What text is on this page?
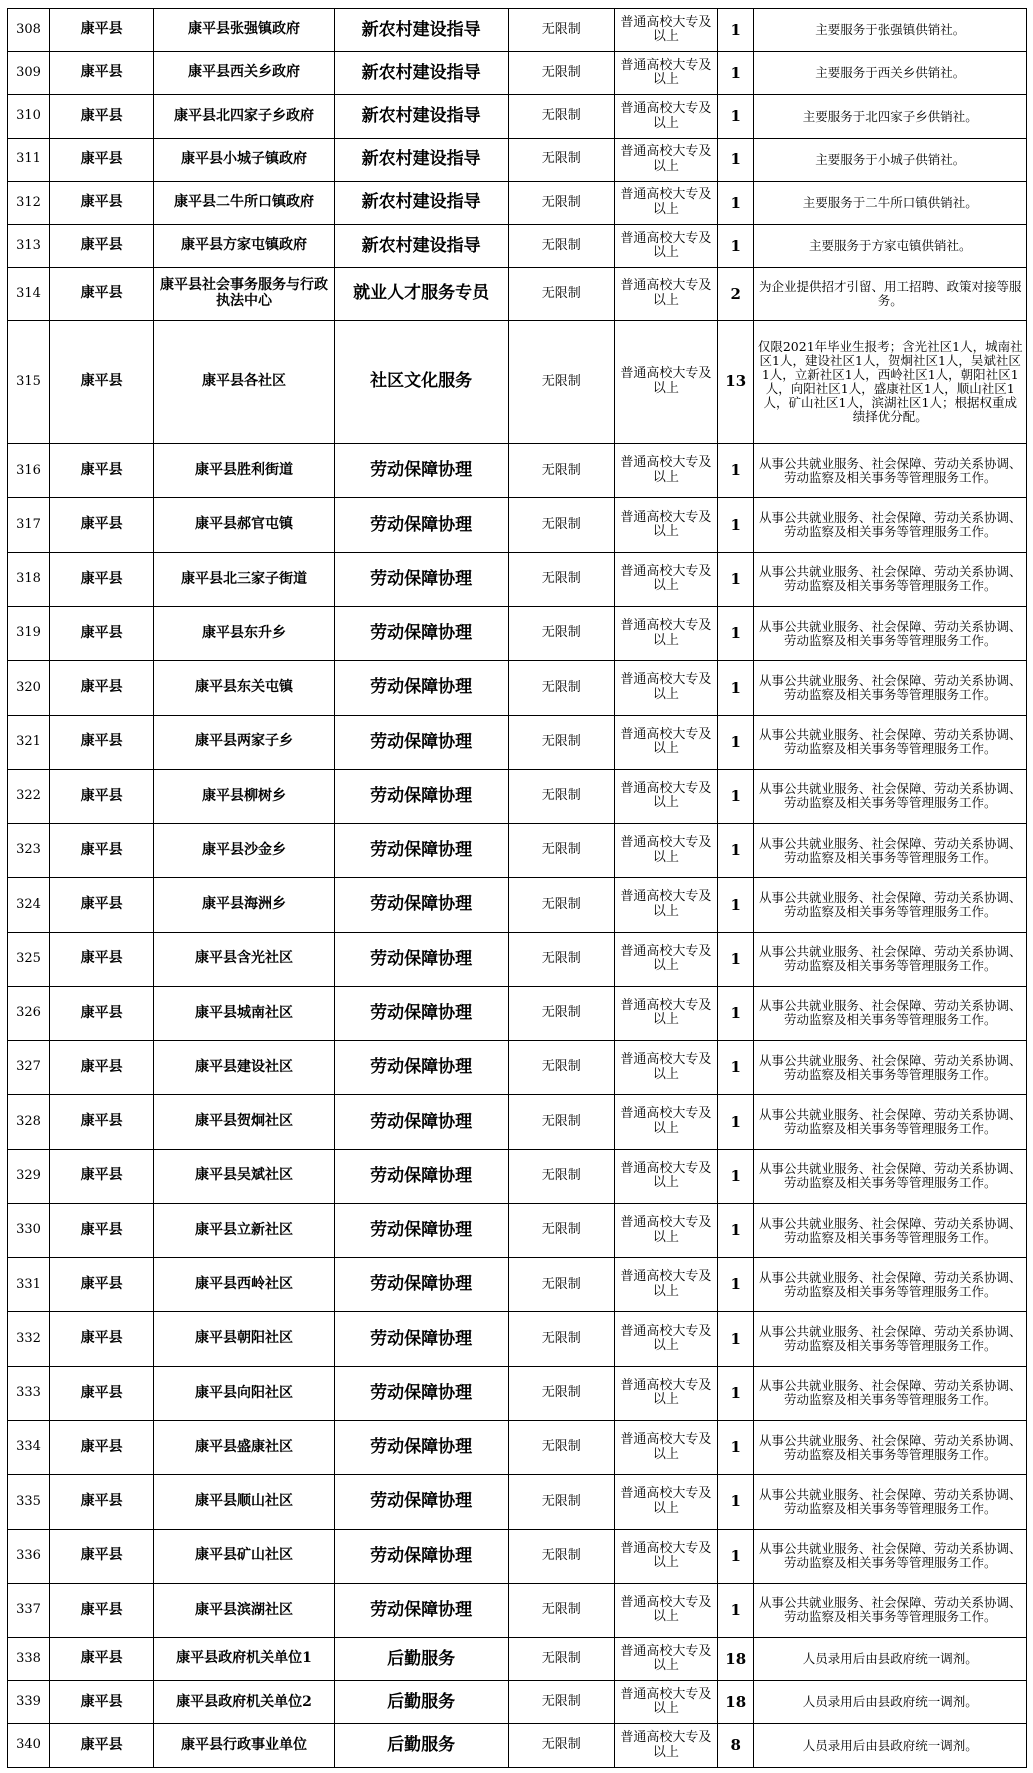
308	康平县	康平县张强镇政府	新农村建设指导	无限制	普通高校大专及以上	1	主要服务于张强镇供销社。
309	康平县	康平县西关乡政府	新农村建设指导	无限制	普通高校大专及以上	1	主要服务于西关乡供销社。
310	康平县	康平县北四家子乡政府	新农村建设指导	无限制	普通高校大专及以上	1	主要服务于北四家子乡供销社。
311	康平县	康平县小城子镇政府	新农村建设指导	无限制	普通高校大专及以上	1	主要服务于小城子供销社。
312	康平县	康平县二牛所口镇政府	新农村建设指导	无限制	普通高校大专及以上	1	主要服务于二牛所口镇供销社。
313	康平县	康平县方家屯镇政府	新农村建设指导	无限制	普通高校大专及以上	1	主要服务于方家屯镇供销社。
314	康平县	康平县社会事务服务与行政执法中心	就业人才服务专员	无限制	普通高校大专及以上	2	为企业提供招才引留、用工招聘、政策对接等服务。
315	康平县	康平县各社区	社区文化服务	无限制	普通高校大专及以上	13	仅限2021年毕业生报考；含光社区1人，城南社区1人，建设社区1人，贺炯社区1人，吴斌社区1人，立新社区1人，西岭社区1人，朝阳社区1人，向阳社区1人，盛康社区1人，顺山社区1人，矿山社区1人，滨湖社区1人；根据权重成绩择优分配。
316	康平县	康平县胜利街道	劳动保障协理	无限制	普通高校大专及以上	1	从事公共就业服务、社会保障、劳动关系协调、劳动监察及相关事务等管理服务工作。
317	康平县	康平县郝官屯镇	劳动保障协理	无限制	普通高校大专及以上	1	从事公共就业服务、社会保障、劳动关系协调、劳动监察及相关事务等管理服务工作。
318	康平县	康平县北三家子街道	劳动保障协理	无限制	普通高校大专及以上	1	从事公共就业服务、社会保障、劳动关系协调、劳动监察及相关事务等管理服务工作。
319	康平县	康平县东升乡	劳动保障协理	无限制	普通高校大专及以上	1	从事公共就业服务、社会保障、劳动关系协调、劳动监察及相关事务等管理服务工作。
320	康平县	康平县东关屯镇	劳动保障协理	无限制	普通高校大专及以上	1	从事公共就业服务、社会保障、劳动关系协调、劳动监察及相关事务等管理服务工作。
321	康平县	康平县两家子乡	劳动保障协理	无限制	普通高校大专及以上	1	从事公共就业服务、社会保障、劳动关系协调、劳动监察及相关事务等管理服务工作。
322	康平县	康平县柳树乡	劳动保障协理	无限制	普通高校大专及以上	1	从事公共就业服务、社会保障、劳动关系协调、劳动监察及相关事务等管理服务工作。
323	康平县	康平县沙金乡	劳动保障协理	无限制	普通高校大专及以上	1	从事公共就业服务、社会保障、劳动关系协调、劳动监察及相关事务等管理服务工作。
324	康平县	康平县海洲乡	劳动保障协理	无限制	普通高校大专及以上	1	从事公共就业服务、社会保障、劳动关系协调、劳动监察及相关事务等管理服务工作。
325	康平县	康平县含光社区	劳动保障协理	无限制	普通高校大专及以上	1	从事公共就业服务、社会保障、劳动关系协调、劳动监察及相关事务等管理服务工作。
326	康平县	康平县城南社区	劳动保障协理	无限制	普通高校大专及以上	1	从事公共就业服务、社会保障、劳动关系协调、劳动监察及相关事务等管理服务工作。
327	康平县	康平县建设社区	劳动保障协理	无限制	普通高校大专及以上	1	从事公共就业服务、社会保障、劳动关系协调、劳动监察及相关事务等管理服务工作。
328	康平县	康平县贺炯社区	劳动保障协理	无限制	普通高校大专及以上	1	从事公共就业服务、社会保障、劳动关系协调、劳动监察及相关事务等管理服务工作。
329	康平县	康平县吴斌社区	劳动保障协理	无限制	普通高校大专及以上	1	从事公共就业服务、社会保障、劳动关系协调、劳动监察及相关事务等管理服务工作。
330	康平县	康平县立新社区	劳动保障协理	无限制	普通高校大专及以上	1	从事公共就业服务、社会保障、劳动关系协调、劳动监察及相关事务等管理服务工作。
331	康平县	康平县西岭社区	劳动保障协理	无限制	普通高校大专及以上	1	从事公共就业服务、社会保障、劳动关系协调、劳动监察及相关事务等管理服务工作。
332	康平县	康平县朝阳社区	劳动保障协理	无限制	普通高校大专及以上	1	从事公共就业服务、社会保障、劳动关系协调、劳动监察及相关事务等管理服务工作。
333	康平县	康平县向阳社区	劳动保障协理	无限制	普通高校大专及以上	1	从事公共就业服务、社会保障、劳动关系协调、劳动监察及相关事务等管理服务工作。
334	康平县	康平县盛康社区	劳动保障协理	无限制	普通高校大专及以上	1	从事公共就业服务、社会保障、劳动关系协调、劳动监察及相关事务等管理服务工作。
335	康平县	康平县顺山社区	劳动保障协理	无限制	普通高校大专及以上	1	从事公共就业服务、社会保障、劳动关系协调、劳动监察及相关事务等管理服务工作。
336	康平县	康平县矿山社区	劳动保障协理	无限制	普通高校大专及以上	1	从事公共就业服务、社会保障、劳动关系协调、劳动监察及相关事务等管理服务工作。
337	康平县	康平县滨湖社区	劳动保障协理	无限制	普通高校大专及以上	1	从事公共就业服务、社会保障、劳动关系协调、劳动监察及相关事务等管理服务工作。
338	康平县	康平县政府机关单位1	后勤服务	无限制	普通高校大专及以上	18	人员录用后由县政府统一调剂。
339	康平县	康平县政府机关单位2	后勤服务	无限制	普通高校大专及以上	18	人员录用后由县政府统一调剂。
340	康平县	康平县行政事业单位	后勤服务	无限制	普通高校大专及以上	8	人员录用后由县政府统一调剂。
